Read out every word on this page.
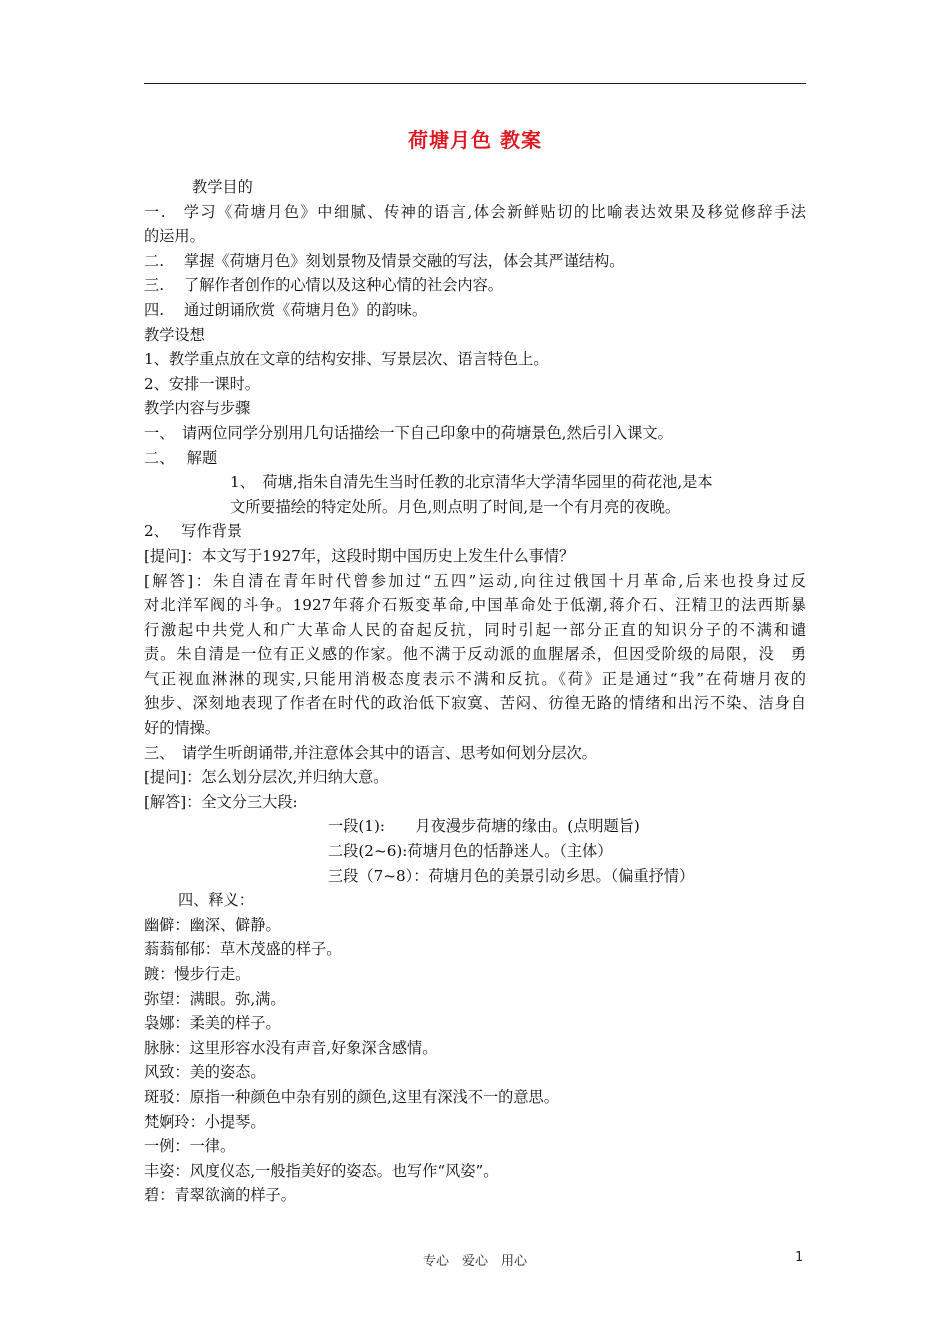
荷塘月色 教案
教学目的
一.　学习《荷塘月色》中细腻、传神的语言,体会新鲜贴切的比喻表达效果及移觉修辞手法
的运用。
二.　 掌握《荷塘月色》刻划景物及情景交融的写法，体会其严谨结构。
三.　 了解作者创作的心情以及这种心情的社会内容。
四.　 通过朗诵欣赏《荷塘月色》的韵味。
教学设想
1、教学重点放在文章的结构安排、写景层次、语言特色上。
2、安排一课时。
教学内容与步骤
一、　请两位同学分别用几句话描绘一下自己印象中的荷塘景色,然后引入课文。
二、　 解题
1、　荷塘,指朱自清先生当时任教的北京清华大学清华园里的荷花池,是本
文所要描绘的特定处所。月色,则点明了时间,是一个有月亮的夜晚。
2、　 写作背景
[提问]：本文写于1927年，这段时期中国历史上发生什么事情？
[解答]：朱自清在青年时代曾参加过“五四”运动,向往过俄国十月革命,后来也投身过反
对北洋军阀的斗争。1927年蒋介石叛变革命,中国革命处于低潮,蒋介石、汪精卫的法西斯暴
行激起中共党人和广大革命人民的奋起反抗，同时引起一部分正直的知识分子的不满和谴
责。朱自清是一位有正义感的作家。他不满于反动派的血腥屠杀，但因受阶级的局限，没　勇
气正视血淋淋的现实,只能用消极态度表示不满和反抗。《荷》正是通过“我”在荷塘月夜的
独步、深刻地表现了作者在时代的政治低下寂寞、苦闷、彷徨无路的情绪和出污不染、洁身自
好的情操。
三、　请学生听朗诵带,并注意体会其中的语言、思考如何划分层次。
[提问]：怎么划分层次,并归纳大意。
[解答]：全文分三大段:
一段(1):　　月夜漫步荷塘的缘由。(点明题旨)
二段(2~6):荷塘月色的恬静迷人。（主体）
三段（7~8）：荷塘月色的美景引动乡思。（偏重抒情）
四、释义：
幽僻：幽深、僻静。
蓊蓊郁郁：草木茂盛的样子。
踱：慢步行走。
弥望：满眼。弥,满。
袅娜：柔美的样子。
脉脉：这里形容水没有声音,好象深含感情。
风致：美的姿态。
斑驳：原指一种颜色中杂有别的颜色,这里有深浅不一的意思。
梵婀玲：小提琴。
一例：一律。
丰姿：风度仪态,一般指美好的姿态。也写作“风姿”。
碧：青翠欲滴的样子。
专心　爱心　用心	1
